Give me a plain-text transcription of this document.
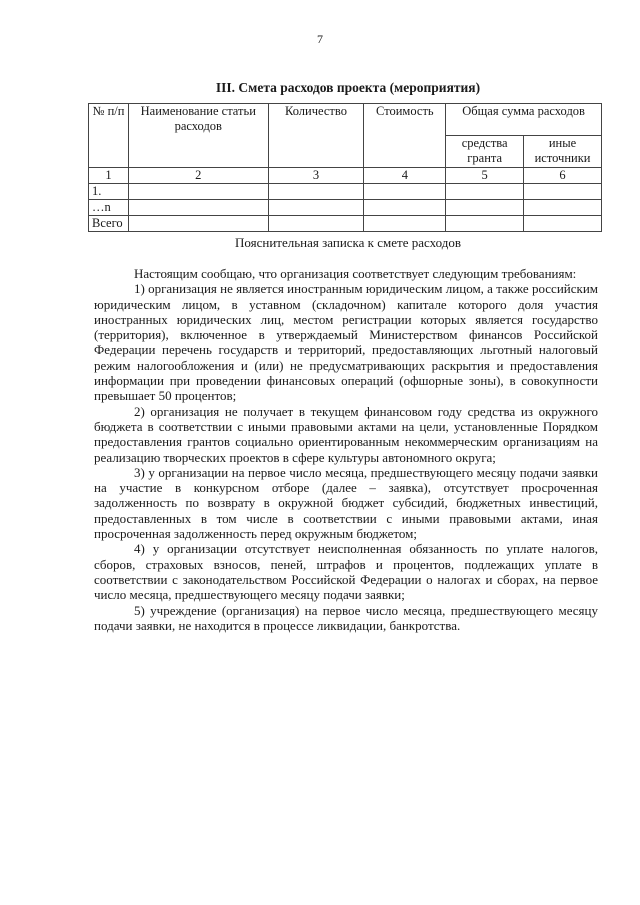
7
III. Смета расходов проекта (мероприятия)
№ п/п	Наименование статьи расходов	Количество	Стоимость	Общая сумма расходов	
				средства гранта	иные источники
1	2	3	4	5	6
1.					
…n					
Всего					
Пояснительная записка к смете расходов

Настоящим сообщаю, что организация соответствует следующим требованиям:

1) организация не является иностранным юридическим лицом, а также российским юридическим лицом, в уставном (складочном) капитале которого доля участия иностранных юридических лиц, местом регистрации которых является государство (территория), включенное в утверждаемый Министерством финансов Российской Федерации перечень государств и территорий, предоставляющих льготный налоговый режим налогообложения и (или) не предусматривающих раскрытия и предоставления информации при проведении финансовых операций (офшорные зоны), в совокупности превышает 50 процентов;

2) организация не получает в текущем финансовом году средства из окружного бюджета в соответствии с иными правовыми актами на цели, установленные Порядком предоставления грантов социально ориентированным некоммерческим организациям на реализацию творческих проектов в сфере культуры автономного округа;

3) у организации на первое число месяца, предшествующего месяцу подачи заявки на участие в конкурсном отборе (далее – заявка), отсутствует просроченная задолженность по возврату в окружной бюджет субсидий, бюджетных инвестиций, предоставленных в том числе в соответствии с иными правовыми актами, иная просроченная задолженность перед окружным бюджетом;

4) у организации отсутствует неисполненная обязанность по уплате налогов, сборов, страховых взносов, пеней, штрафов и процентов, подлежащих уплате в соответствии с законодательством Российской Федерации о налогах и сборах, на первое число месяца, предшествующего месяцу подачи заявки;

5) учреждение (организация) на первое число месяца, предшествующего месяцу подачи заявки, не находится в процессе ликвидации, банкротства.
